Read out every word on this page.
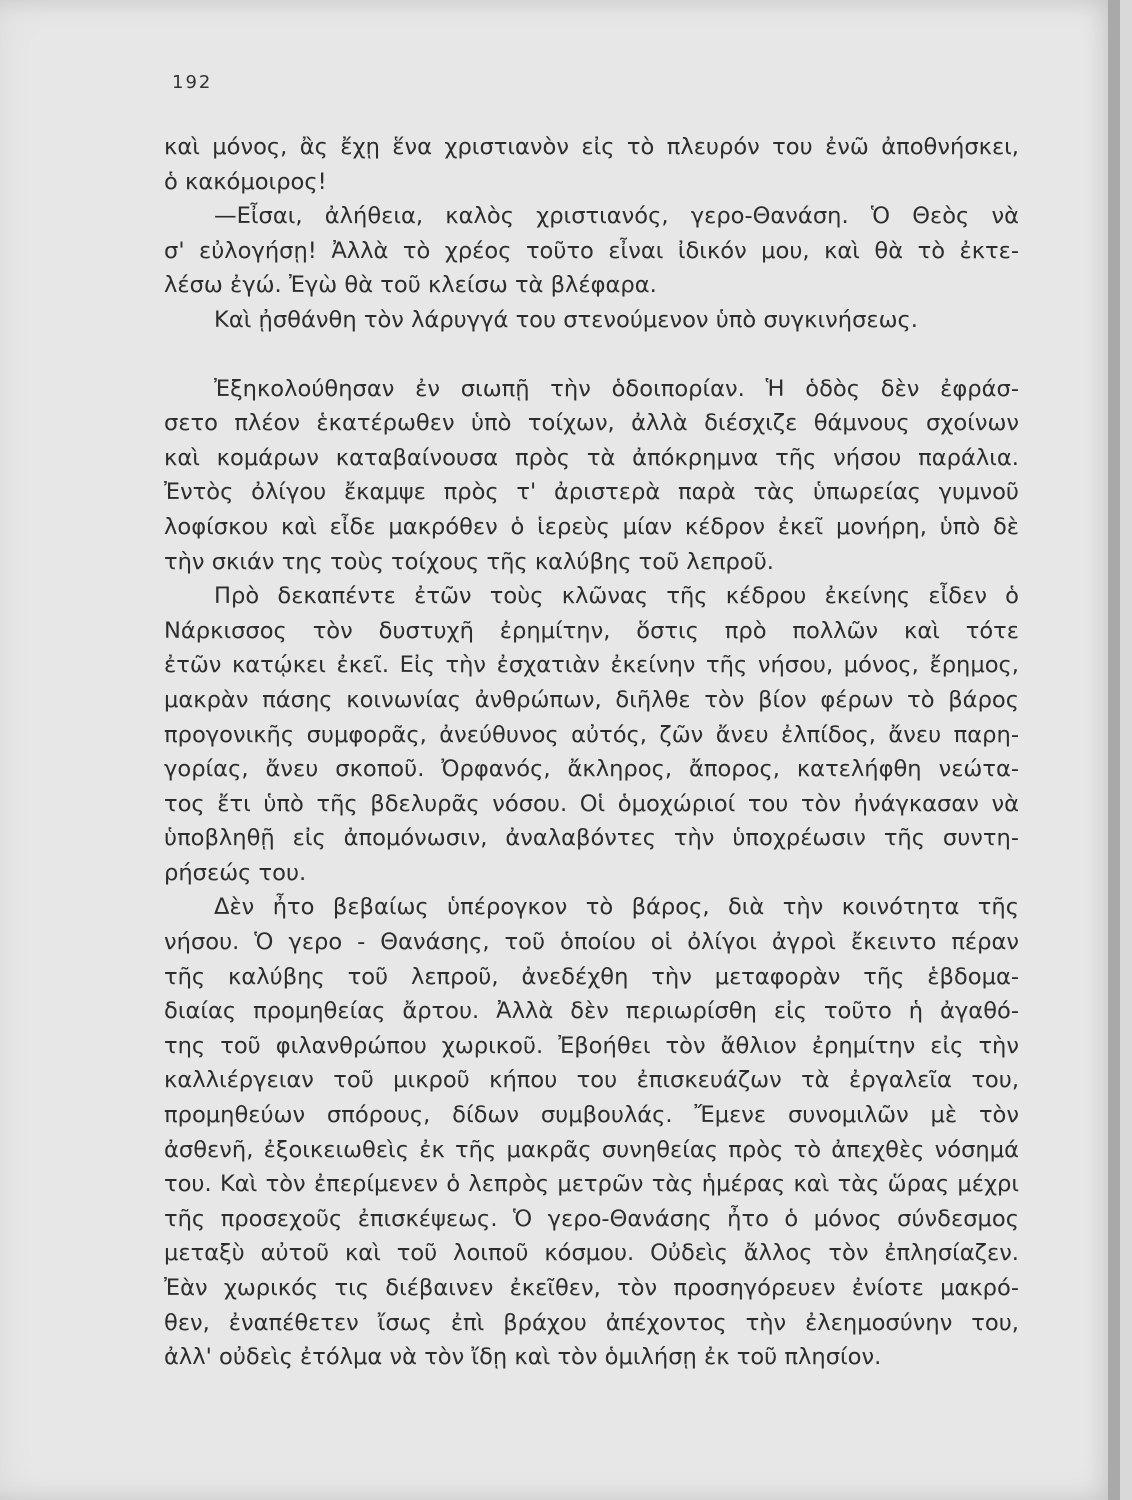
192
καὶ μόνος, ἂς ἔχῃ ἕνα χριστιανὸν εἰς τὸ πλευρόν του ἐνῶ ἀποθνήσκει,
ὁ κακόμοιρος!
—Εἶσαι, ἀλήθεια, καλὸς χριστιανός, γερο-Θανάση. Ὁ Θεὸς νὰ
σ' εὐλογήσῃ! Ἀλλὰ τὸ χρέος τοῦτο εἶναι ἰδικόν μου, καὶ θὰ τὸ ἐκτε-
λέσω ἐγώ. Ἐγὼ θὰ τοῦ κλείσω τὰ βλέφαρα.
Καὶ ᾐσθάνθη τὸν λάρυγγά του στενούμενον ὑπὸ συγκινήσεως.
Ἐξηκολούθησαν ἐν σιωπῇ τὴν ὁδοιπορίαν. Ἡ ὁδὸς δὲν ἐφράσ-
σετο πλέον ἑκατέρωθεν ὑπὸ τοίχων, ἀλλὰ διέσχιζε θάμνους σχοίνων
καὶ κομάρων καταβαίνουσα πρὸς τὰ ἀπόκρημνα τῆς νήσου παράλια.
Ἐντὸς ὀλίγου ἔκαμψε πρὸς τ' ἀριστερὰ παρὰ τὰς ὑπωρείας γυμνοῦ
λοφίσκου καὶ εἶδε μακρόθεν ὁ ἱερεὺς μίαν κέδρον ἐκεῖ μονήρη, ὑπὸ δὲ
τὴν σκιάν της τοὺς τοίχους τῆς καλύβης τοῦ λεπροῦ.
Πρὸ δεκαπέντε ἐτῶν τοὺς κλῶνας τῆς κέδρου ἐκείνης εἶδεν ὁ
Νάρκισσος τὸν δυστυχῆ ἐρημίτην, ὅστις πρὸ πολλῶν καὶ τότε
ἐτῶν κατῴκει ἐκεῖ. Εἰς τὴν ἐσχατιὰν ἐκείνην τῆς νήσου, μόνος, ἔρημος,
μακρὰν πάσης κοινωνίας ἀνθρώπων, διῆλθε τὸν βίον φέρων τὸ βάρος
προγονικῆς συμφορᾶς, ἀνεύθυνος αὐτός, ζῶν ἄνευ ἐλπίδος, ἄνευ παρη-
γορίας, ἄνευ σκοποῦ. Ὀρφανός, ἄκληρος, ἄπορος, κατελήφθη νεώτα-
τος ἔτι ὑπὸ τῆς βδελυρᾶς νόσου. Οἱ ὁμοχώριοί του τὸν ἠνάγκασαν νὰ
ὑποβληθῇ εἰς ἀπομόνωσιν, ἀναλαβόντες τὴν ὑποχρέωσιν τῆς συντη-
ρήσεώς του.
Δὲν ἦτο βεβαίως ὑπέρογκον τὸ βάρος, διὰ τὴν κοινότητα τῆς
νήσου. Ὁ γερο - Θανάσης, τοῦ ὁποίου οἱ ὀλίγοι ἀγροὶ ἔκειντο πέραν
τῆς καλύβης τοῦ λεπροῦ, ἀνεδέχθη τὴν μεταφορὰν τῆς ἑβδομα-
διαίας προμηθείας ἄρτου. Ἀλλὰ δὲν περιωρίσθη εἰς τοῦτο ἡ ἀγαθό-
της τοῦ φιλανθρώπου χωρικοῦ. Ἐβοήθει τὸν ἄθλιον ἐρημίτην εἰς τὴν
καλλιέργειαν τοῦ μικροῦ κήπου του ἐπισκευάζων τὰ ἐργαλεῖα του,
προμηθεύων σπόρους, δίδων συμβουλάς. Ἔμενε συνομιλῶν μὲ τὸν
ἀσθενῆ, ἐξοικειωθεὶς ἐκ τῆς μακρᾶς συνηθείας πρὸς τὸ ἀπεχθὲς νόσημά
του. Καὶ τὸν ἐπερίμενεν ὁ λεπρὸς μετρῶν τὰς ἡμέρας καὶ τὰς ὥρας μέχρι
τῆς προσεχοῦς ἐπισκέψεως. Ὁ γερο-Θανάσης ἦτο ὁ μόνος σύνδεσμος
μεταξὺ αὐτοῦ καὶ τοῦ λοιποῦ κόσμου. Οὐδεὶς ἄλλος τὸν ἐπλησίαζεν.
Ἐὰν χωρικός τις διέβαινεν ἐκεῖθεν, τὸν προσηγόρευεν ἐνίοτε μακρό-
θεν, ἐναπέθετεν ἴσως ἐπὶ βράχου ἀπέχοντος τὴν ἐλεημοσύνην του,
ἀλλ' οὐδεὶς ἐτόλμα νὰ τὸν ἴδῃ καὶ τὸν ὁμιλήσῃ ἐκ τοῦ πλησίον.
